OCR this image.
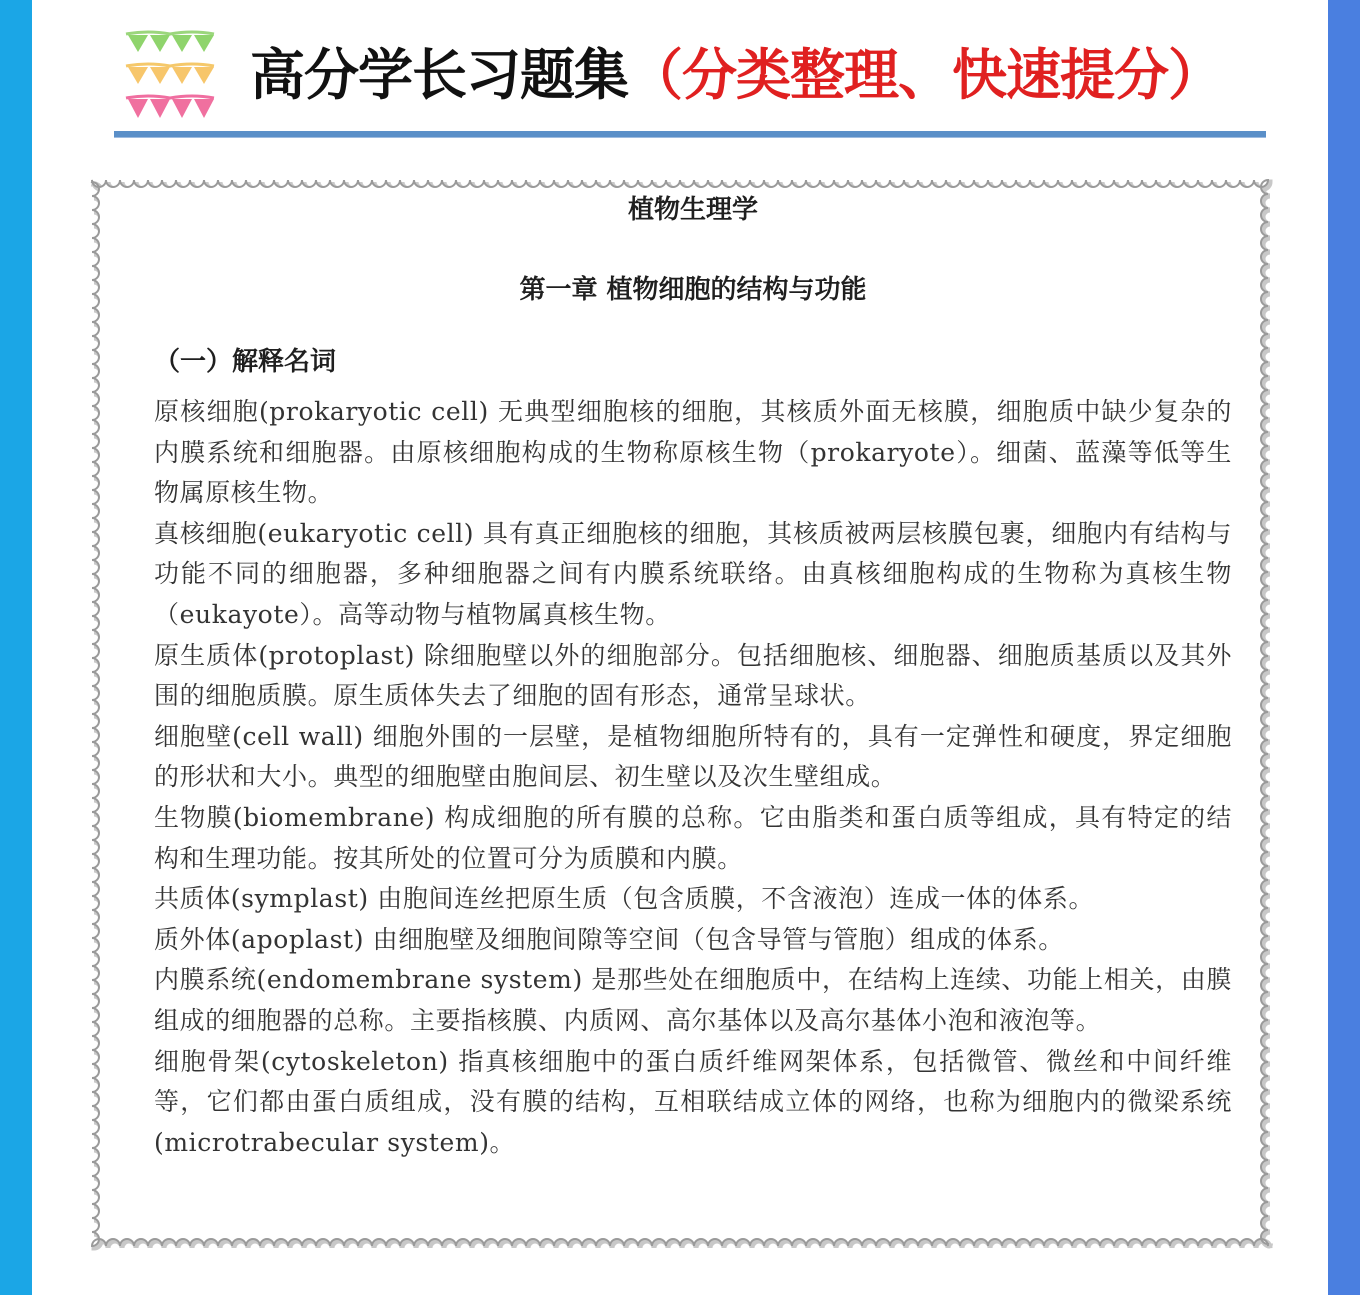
高分学长习题集（分类整理、快速提分）
植物生理学
第一章 植物细胞的结构与功能
（一）解释名词
原核细胞(prokaryotic cell) 无典型细胞核的细胞，其核质外面无核膜，细胞质中缺少复杂的内膜系统和细胞器。由原核细胞构成的生物称原核生物（prokaryote）。细菌、蓝藻等低等生物属原核生物。
真核细胞(eukaryotic cell) 具有真正细胞核的细胞，其核质被两层核膜包裹，细胞内有结构与功能不同的细胞器，多种细胞器之间有内膜系统联络。由真核细胞构成的生物称为真核生物（eukayote）。高等动物与植物属真核生物。
原生质体(protoplast) 除细胞壁以外的细胞部分。包括细胞核、细胞器、细胞质基质以及其外围的细胞质膜。原生质体失去了细胞的固有形态，通常呈球状。
细胞壁(cell wall) 细胞外围的一层壁，是植物细胞所特有的，具有一定弹性和硬度，界定细胞的形状和大小。典型的细胞壁由胞间层、初生壁以及次生壁组成。
生物膜(biomembrane) 构成细胞的所有膜的总称。它由脂类和蛋白质等组成，具有特定的结构和生理功能。按其所处的位置可分为质膜和内膜。
共质体(symplast) 由胞间连丝把原生质（包含质膜，不含液泡）连成一体的体系。
质外体(apoplast) 由细胞壁及细胞间隙等空间（包含导管与管胞）组成的体系。
内膜系统(endomembrane system) 是那些处在细胞质中，在结构上连续、功能上相关，由膜组成的细胞器的总称。主要指核膜、内质网、高尔基体以及高尔基体小泡和液泡等。
细胞骨架(cytoskeleton) 指真核细胞中的蛋白质纤维网架体系，包括微管、微丝和中间纤维等，它们都由蛋白质组成，没有膜的结构，互相联结成立体的网络，也称为细胞内的微梁系统(microtrabecular system)。
